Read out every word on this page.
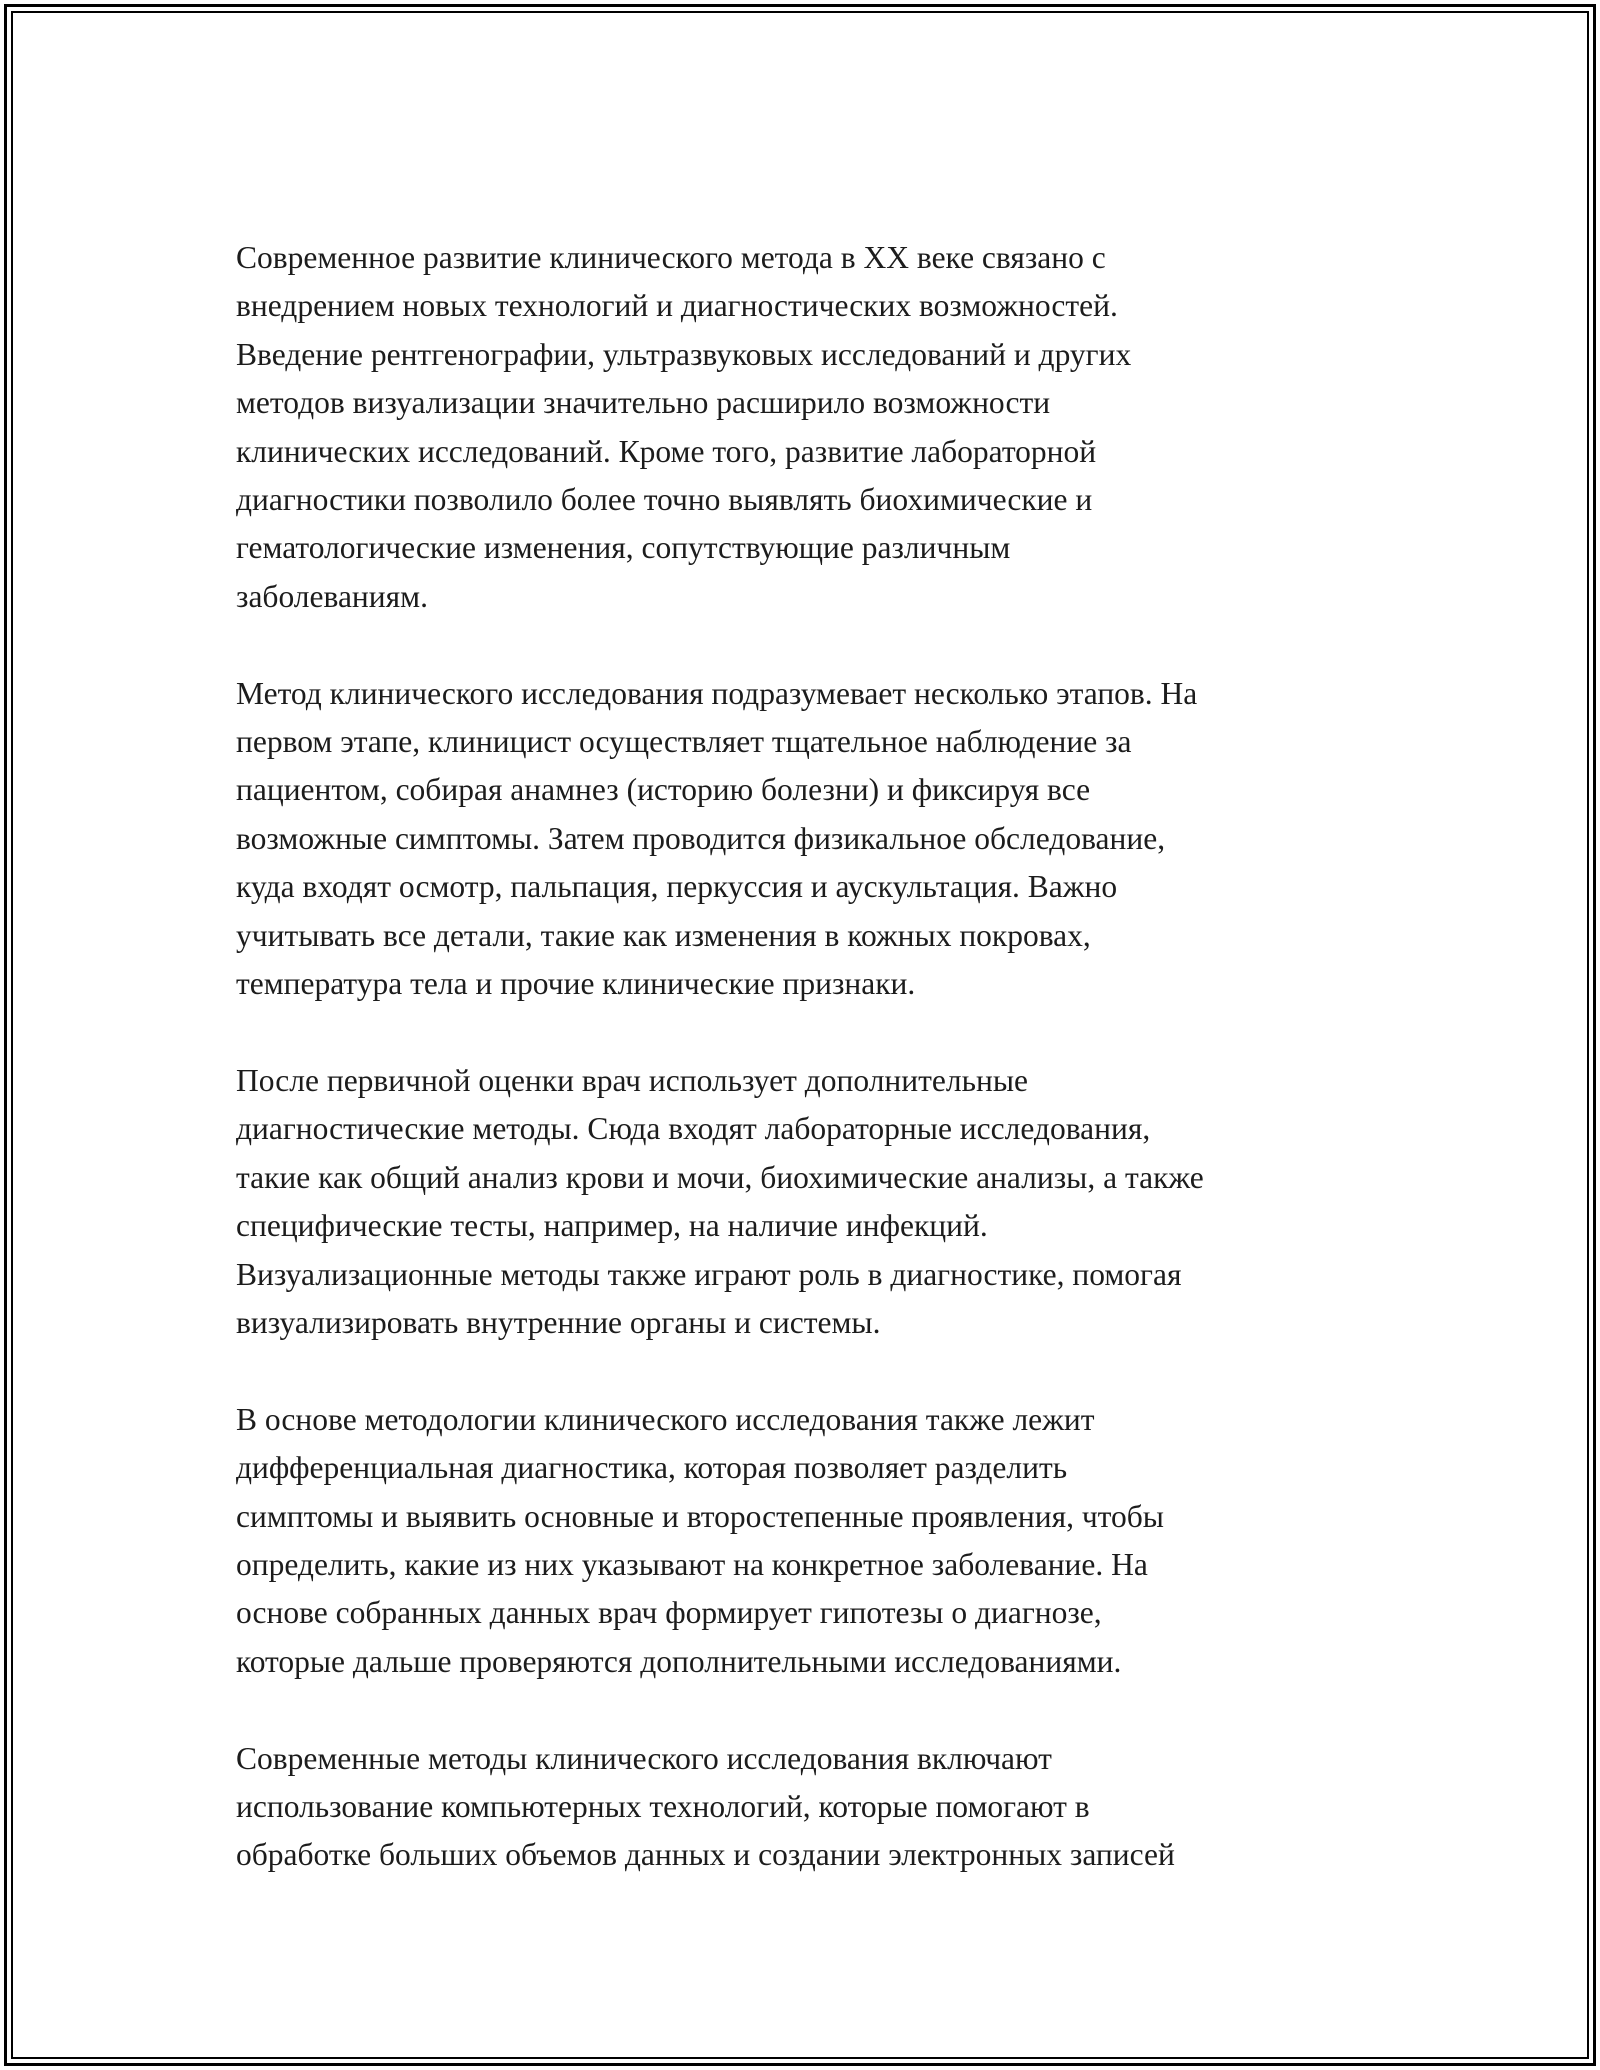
Современное развитие клинического метода в XX веке связано с
внедрением новых технологий и диагностических возможностей.
Введение рентгенографии, ультразвуковых исследований и других
методов визуализации значительно расширило возможности
клинических исследований. Кроме того, развитие лабораторной
диагностики позволило более точно выявлять биохимические и
гематологические изменения, сопутствующие различным
заболеваниям.

Метод клинического исследования подразумевает несколько этапов. На
первом этапе, клиницист осуществляет тщательное наблюдение за
пациентом, собирая анамнез (историю болезни) и фиксируя все
возможные симптомы. Затем проводится физикальное обследование,
куда входят осмотр, пальпация, перкуссия и аускультация. Важно
учитывать все детали, такие как изменения в кожных покровах,
температура тела и прочие клинические признаки.

После первичной оценки врач использует дополнительные
диагностические методы. Сюда входят лабораторные исследования,
такие как общий анализ крови и мочи, биохимические анализы, а также
специфические тесты, например, на наличие инфекций.
Визуализационные методы также играют роль в диагностике, помогая
визуализировать внутренние органы и системы.

В основе методологии клинического исследования также лежит
дифференциальная диагностика, которая позволяет разделить
симптомы и выявить основные и второстепенные проявления, чтобы
определить, какие из них указывают на конкретное заболевание. На
основе собранных данных врач формирует гипотезы о диагнозе,
которые дальше проверяются дополнительными исследованиями.

Современные методы клинического исследования включают
использование компьютерных технологий, которые помогают в
обработке больших объемов данных и создании электронных записей
